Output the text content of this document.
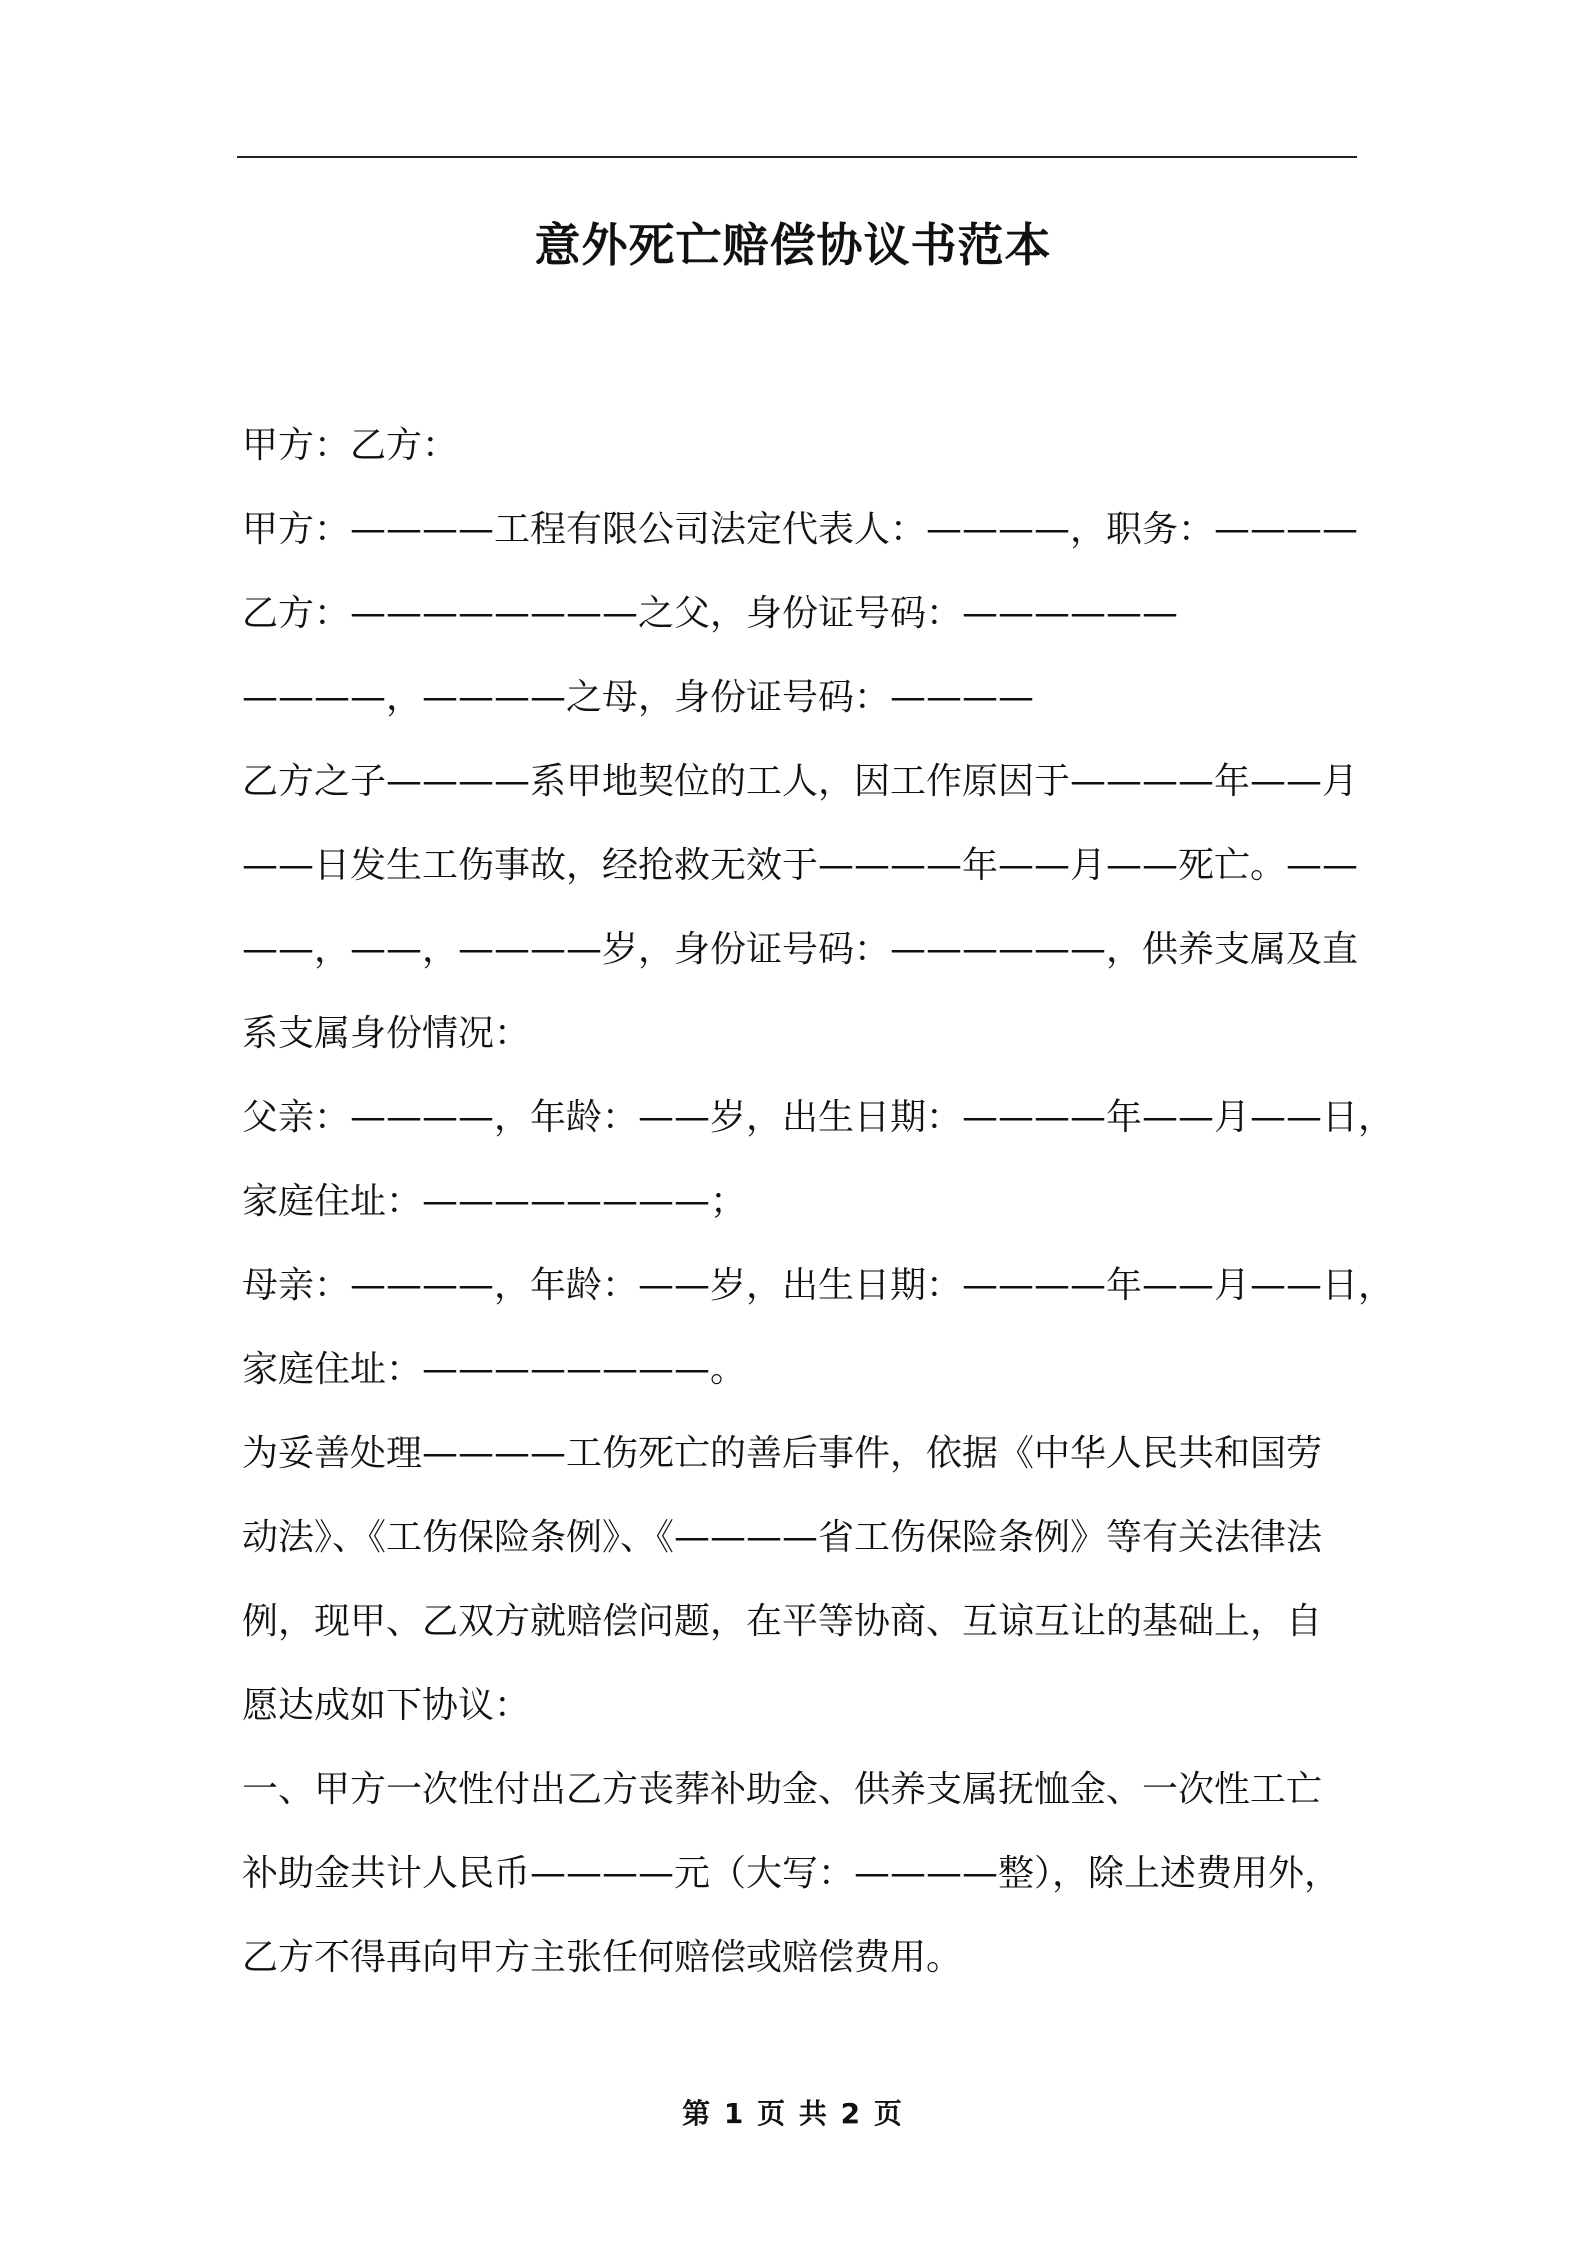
意外死亡赔偿协议书范本
甲方：乙方：
甲方：————工程有限公司法定代表人：————，职务：————
乙方：————————之父，身份证号码：——————
————，————之母，身份证号码：————
乙方之子————系甲地契位的工人，因工作原因于————年——月
——日发生工伤事故，经抢救无效于————年——月——死亡。——
——，——，————岁，身份证号码：——————，供养支属及直
系支属身份情况：
父亲：————，年龄：——岁，出生日期：————年——月——日，
家庭住址：————————；
母亲：————，年龄：——岁，出生日期：————年——月——日，
家庭住址：————————。
为妥善处理————工伤死亡的善后事件，依据《中华人民共和国劳
动法》、《工伤保险条例》、《————省工伤保险条例》等有关法律法
例，现甲、乙双方就赔偿问题，在平等协商、互谅互让的基础上，自
愿达成如下协议：
一、甲方一次性付出乙方丧葬补助金、供养支属抚恤金、一次性工亡
补助金共计人民币————元（大写：————整），除上述费用外，
乙方不得再向甲方主张任何赔偿或赔偿费用。
第 1 页 共 2 页
